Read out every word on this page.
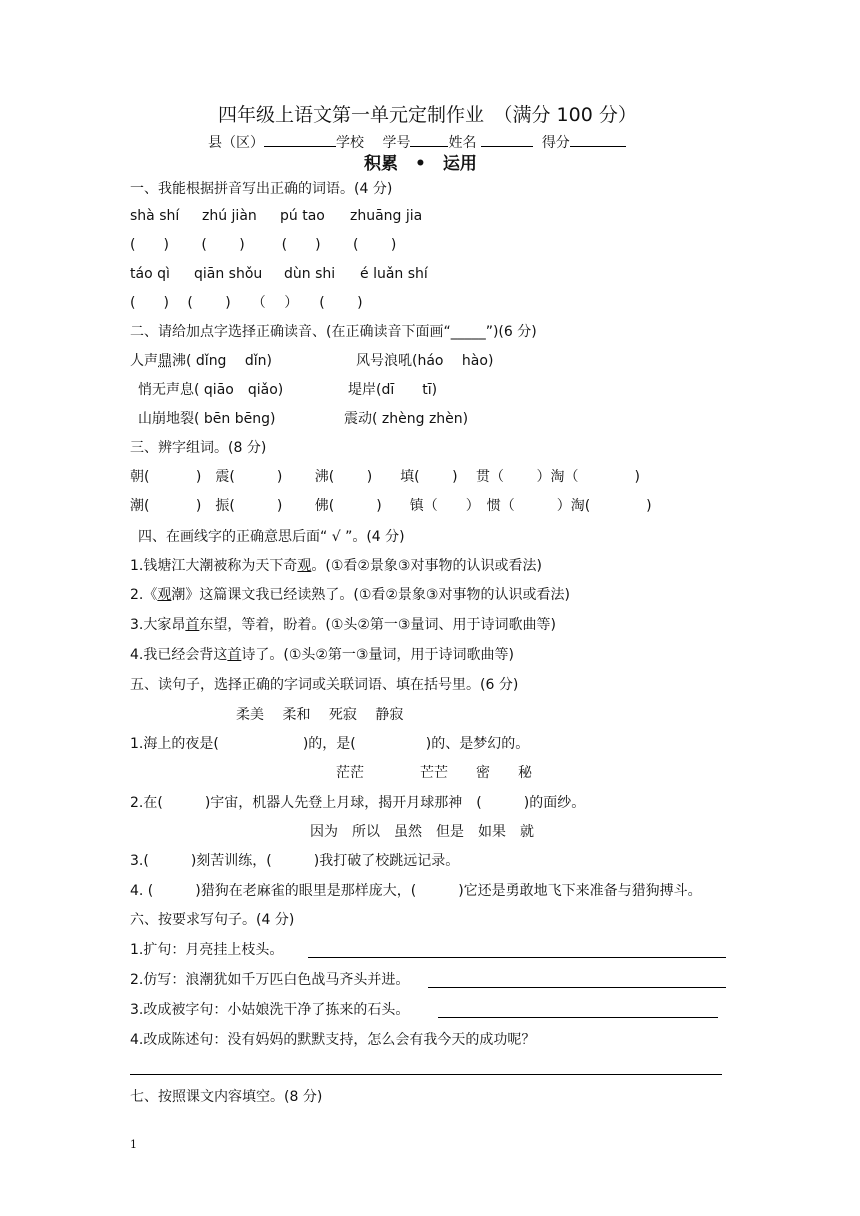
四年级上语文第一单元定制作业　（满分 100 分）
县（区）	学校　 学号	姓名	得分
积累　•　运用
一、我能根据拼音写出正确的词语。(4 分)
shà shí zhú jiàn pú tao zhuāng jia
(　　)　　 (　　 )　　  (　　)　　 (　　 )
táo qì qiān shǒu dùn shi é luǎn shí
(　　)　 (　　 )　　（　 ）　　(　　 )
二、请给加点字选择正确读音、(在正确读音下面画“_____”)(6 分)
人声鼎沸( dǐng　 dǐn)	风号浪吼(háo　 hào)
悄无声息( qiāo　qiǎo)	堤岸(dī　　tī)
山崩地裂( bēn bēng)	震动( zhèng zhèn)
三、辨字组词。(8 分)
朝(　　　 )　震(　　　)　　 沸(　　 )　　填(　　 )　 贯（　　 ）淘（　　　　)
潮(　　　 )　振(　　　)　　 佛(　　　)　　镇（　　）　惯（　　　）淘(　　　　)
四、在画线字的正确意思后面“ √ ”。(4 分)
1.钱塘江大潮被称为天下奇观。(①看②景象③对事物的认识或看法)
2.《观潮》这篇课文我已经读熟了。(①看②景象③对事物的认识或看法)
3.大家昂首东望，等着，盼着。(①头②第一③量词、用于诗词歌曲等)
4.我已经会背这首诗了。(①头②第一③量词，用于诗词歌曲等)
五、读句子，选择正确的字词或关联词语、填在括号里。(6 分)
柔美　 柔和　 死寂　 静寂
1.海上的夜是(　　　　　　)的，是(　　　　　)的、是梦幻的。
茫茫　　　　芒芒　　密　　秘
2.在(　　　)宇宙，机器人先登上月球，揭开月球那神　(　　　)的面纱。
因为　所以　虽然　但是　如果　就
3.(　　　)刻苦训练，(　　　)我打破了校跳远记录。
4. (　　　)猎狗在老麻雀的眼里是那样庞大，(　　　)它还是勇敢地飞下来准备与猎狗搏斗。
六、按要求写句子。(4 分)
1.扩句：月亮挂上枝头。
2.仿写：浪潮犹如千万匹白色战马齐头并进。
3.改成被字句：小姑娘洗干净了拣来的石头。
4.改成陈述句：没有妈妈的默默支持，怎么会有我今天的成功呢？
七、按照课文内容填空。(8 分)
1
